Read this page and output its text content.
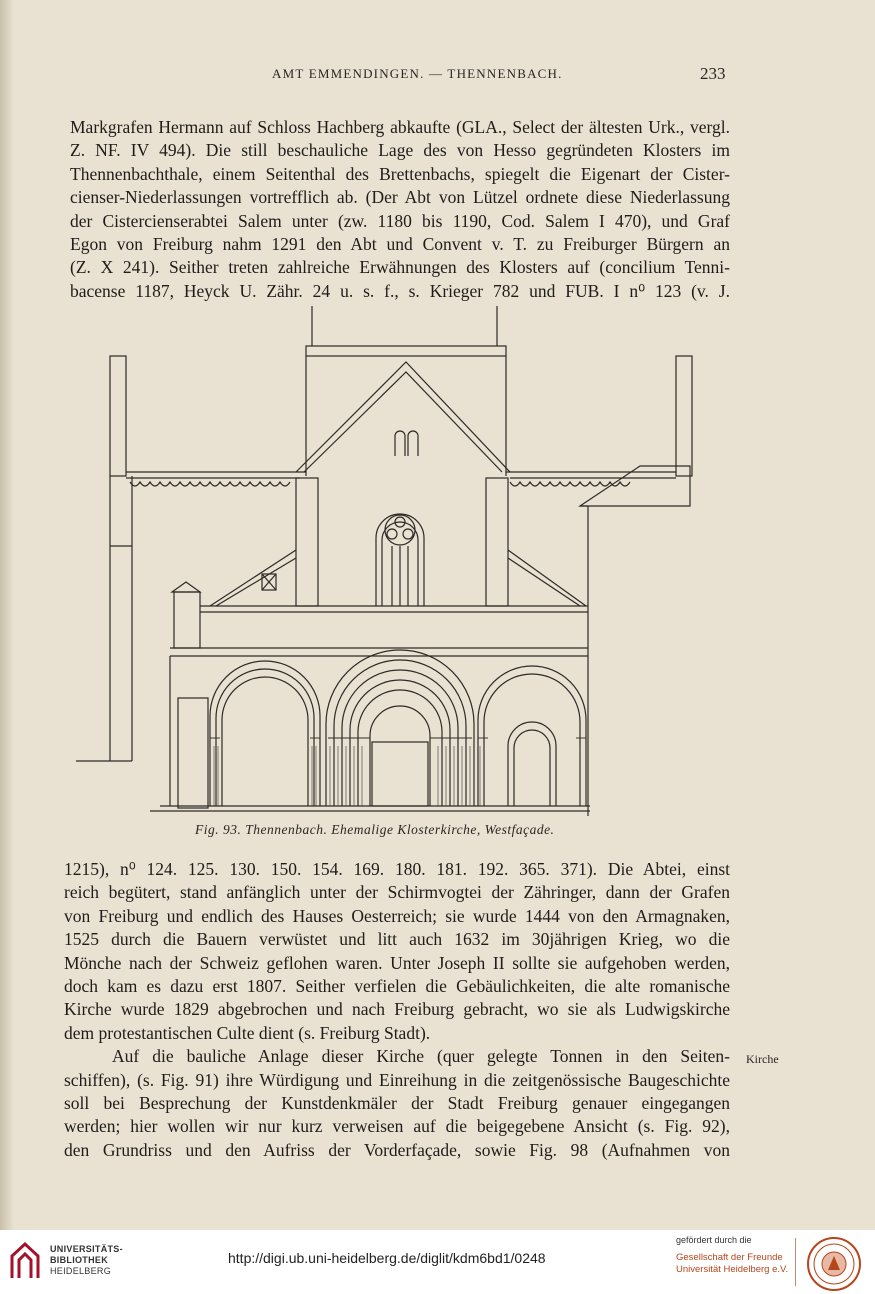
AMT EMMENDINGEN. — THENNENBACH.	233
Markgrafen Hermann auf Schloss Hachberg abkaufte (GLA., Select der ältesten Urk., vergl.
Z. NF. IV 494). Die still beschauliche Lage des von Hesso gegründeten Klosters im
Thennenbachthale, einem Seitenthal des Brettenbachs, spiegelt die Eigenart der Cister-
cienser-Niederlassungen vortrefflich ab. (Der Abt von Lützel ordnete diese Niederlassung
der Cistercienserabtei Salem unter (zw. 1180 bis 1190, Cod. Salem I 470), und Graf
Egon von Freiburg nahm 1291 den Abt und Convent v. T. zu Freiburger Bürgern an
(Z. X 241). Seither treten zahlreiche Erwähnungen des Klosters auf (concilium Tenni-
bacense 1187, Heyck U. Zähr. 24 u. s. f., s. Krieger 782 und FUB. I n⁰ 123 (v. J.
Fig. 93. Thennenbach. Ehemalige Klosterkirche, Westfaçade.
1215), n⁰ 124. 125. 130. 150. 154. 169. 180. 181. 192. 365. 371). Die Abtei, einst
reich begütert, stand anfänglich unter der Schirmvogtei der Zähringer, dann der Grafen
von Freiburg und endlich des Hauses Oesterreich; sie wurde 1444 von den Armagnaken,
1525 durch die Bauern verwüstet und litt auch 1632 im 30jährigen Krieg, wo die
Mönche nach der Schweiz geflohen waren. Unter Joseph II sollte sie aufgehoben werden,
doch kam es dazu erst 1807. Seither verfielen die Gebäulichkeiten, die alte romanische
Kirche wurde 1829 abgebrochen und nach Freiburg gebracht, wo sie als Ludwigskirche
dem protestantischen Culte dient (s. Freiburg Stadt).
Auf die bauliche Anlage dieser Kirche (quer gelegte Tonnen in den Seiten-
schiffen), (s. Fig. 91) ihre Würdigung und Einreihung in die zeitgenössische Baugeschichte
soll bei Besprechung der Kunstdenkmäler der Stadt Freiburg genauer eingegangen
werden; hier wollen wir nur kurz verweisen auf die beigegebene Ansicht (s. Fig. 92),
den Grundriss und den Aufriss der Vorderfaçade, sowie Fig. 98 (Aufnahmen von
Kirche
UNIVERSITÄTS-
BIBLIOTHEK
HEIDELBERG
http://digi.ub.uni-heidelberg.de/diglit/kdm6bd1/0248
gefördert durch die
Gesellschaft der Freunde
Universität Heidelberg e.V.
